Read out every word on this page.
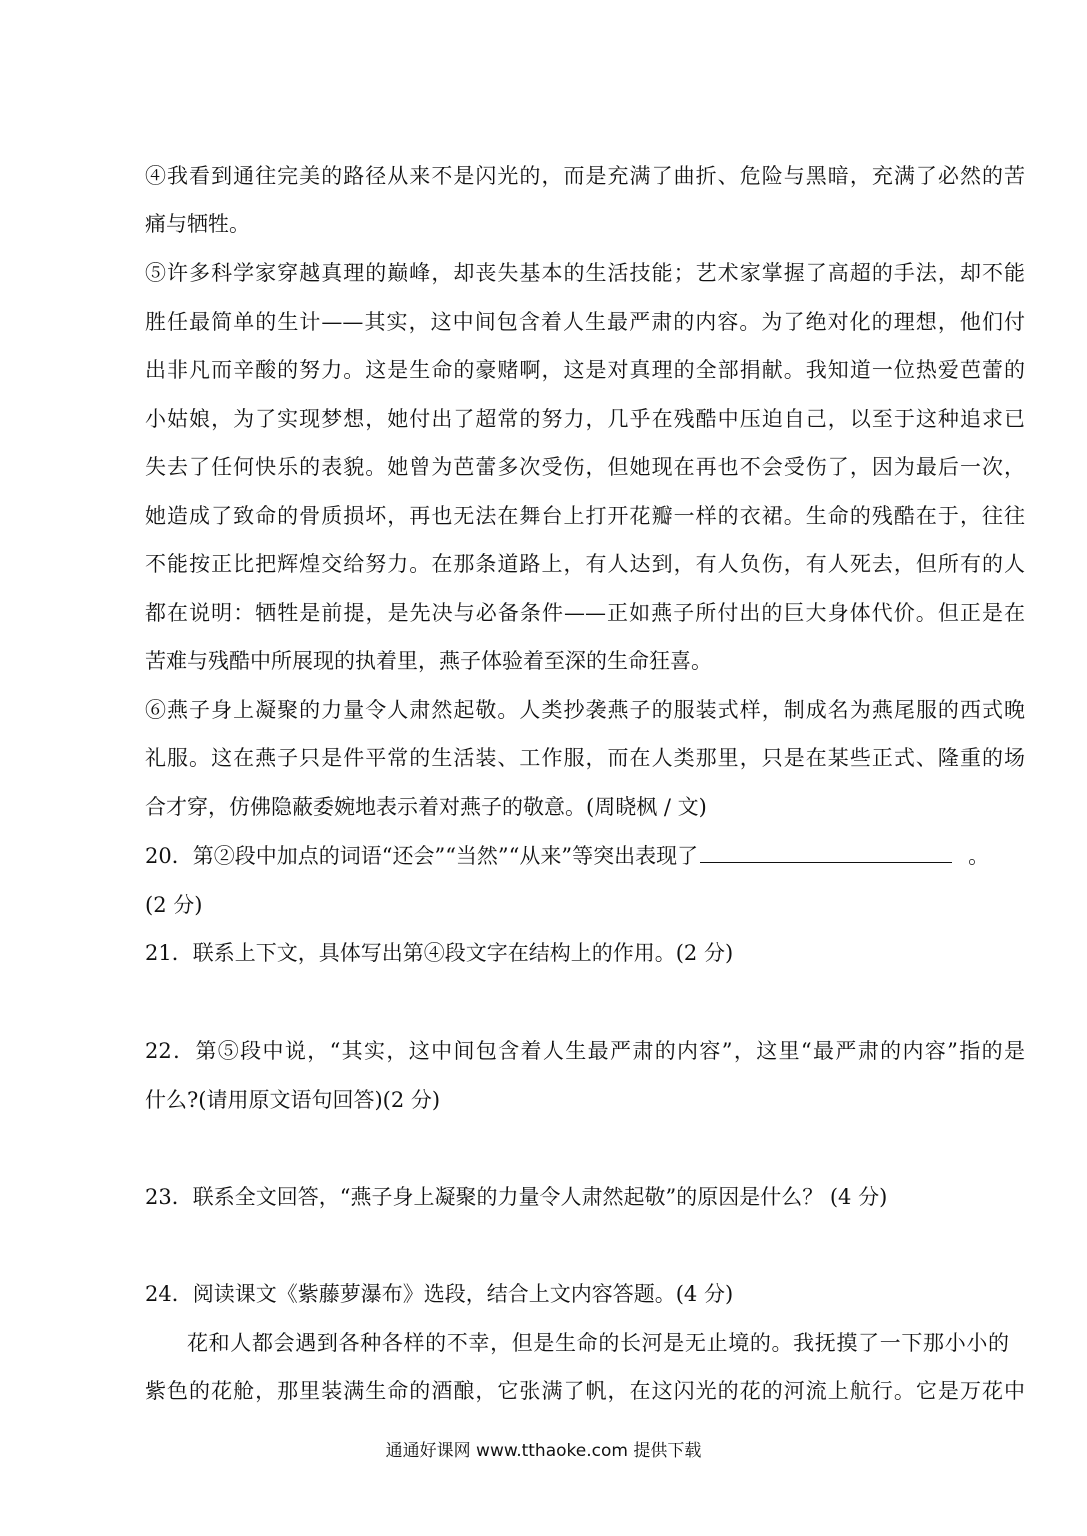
④我看到通往完美的路径从来不是闪光的，而是充满了曲折、危险与黑暗，充满了必然的苦
痛与牺牲。
⑤许多科学家穿越真理的巅峰，却丧失基本的生活技能；艺术家掌握了高超的手法，却不能
胜任最简单的生计——其实，这中间包含着人生最严肃的内容。为了绝对化的理想，他们付
出非凡而辛酸的努力。这是生命的豪赌啊，这是对真理的全部捐献。我知道一位热爱芭蕾的
小姑娘，为了实现梦想，她付出了超常的努力，几乎在残酷中压迫自己，以至于这种追求已
失去了任何快乐的表貌。她曾为芭蕾多次受伤，但她现在再也不会受伤了，因为最后一次，
她造成了致命的骨质损坏，再也无法在舞台上打开花瓣一样的衣裙。生命的残酷在于，往往
不能按正比把辉煌交给努力。在那条道路上，有人达到，有人负伤，有人死去，但所有的人
都在说明：牺牲是前提，是先决与必备条件——正如燕子所付出的巨大身体代价。但正是在
苦难与残酷中所展现的执着里，燕子体验着至深的生命狂喜。
⑥燕子身上凝聚的力量令人肃然起敬。人类抄袭燕子的服装式样，制成名为燕尾服的西式晚
礼服。这在燕子只是件平常的生活装、工作服，而在人类那里，只是在某些正式、隆重的场
合才穿，仿佛隐蔽委婉地表示着对燕子的敬意。(周晓枫 / 文)
20．第②段中加点的词语“还会”“当然”“从来”等突出表现了	。
(2 分)
21．联系上下文，具体写出第④段文字在结构上的作用。(2 分)
22．第⑤段中说，“其实，这中间包含着人生最严肃的内容”，这里“最严肃的内容”指的是
什么?(请用原文语句回答)(2 分)
23．联系全文回答，“燕子身上凝聚的力量令人肃然起敬”的原因是什么？ (4 分)
24．阅读课文《紫藤萝瀑布》选段，结合上文内容答题。(4 分)
花和人都会遇到各种各样的不幸，但是生命的长河是无止境的。我抚摸了一下那小小的
紫色的花舱，那里装满生命的酒酿，它张满了帆，在这闪光的花的河流上航行。它是万花中
通通好课网 www.tthaoke.com 提供下载
